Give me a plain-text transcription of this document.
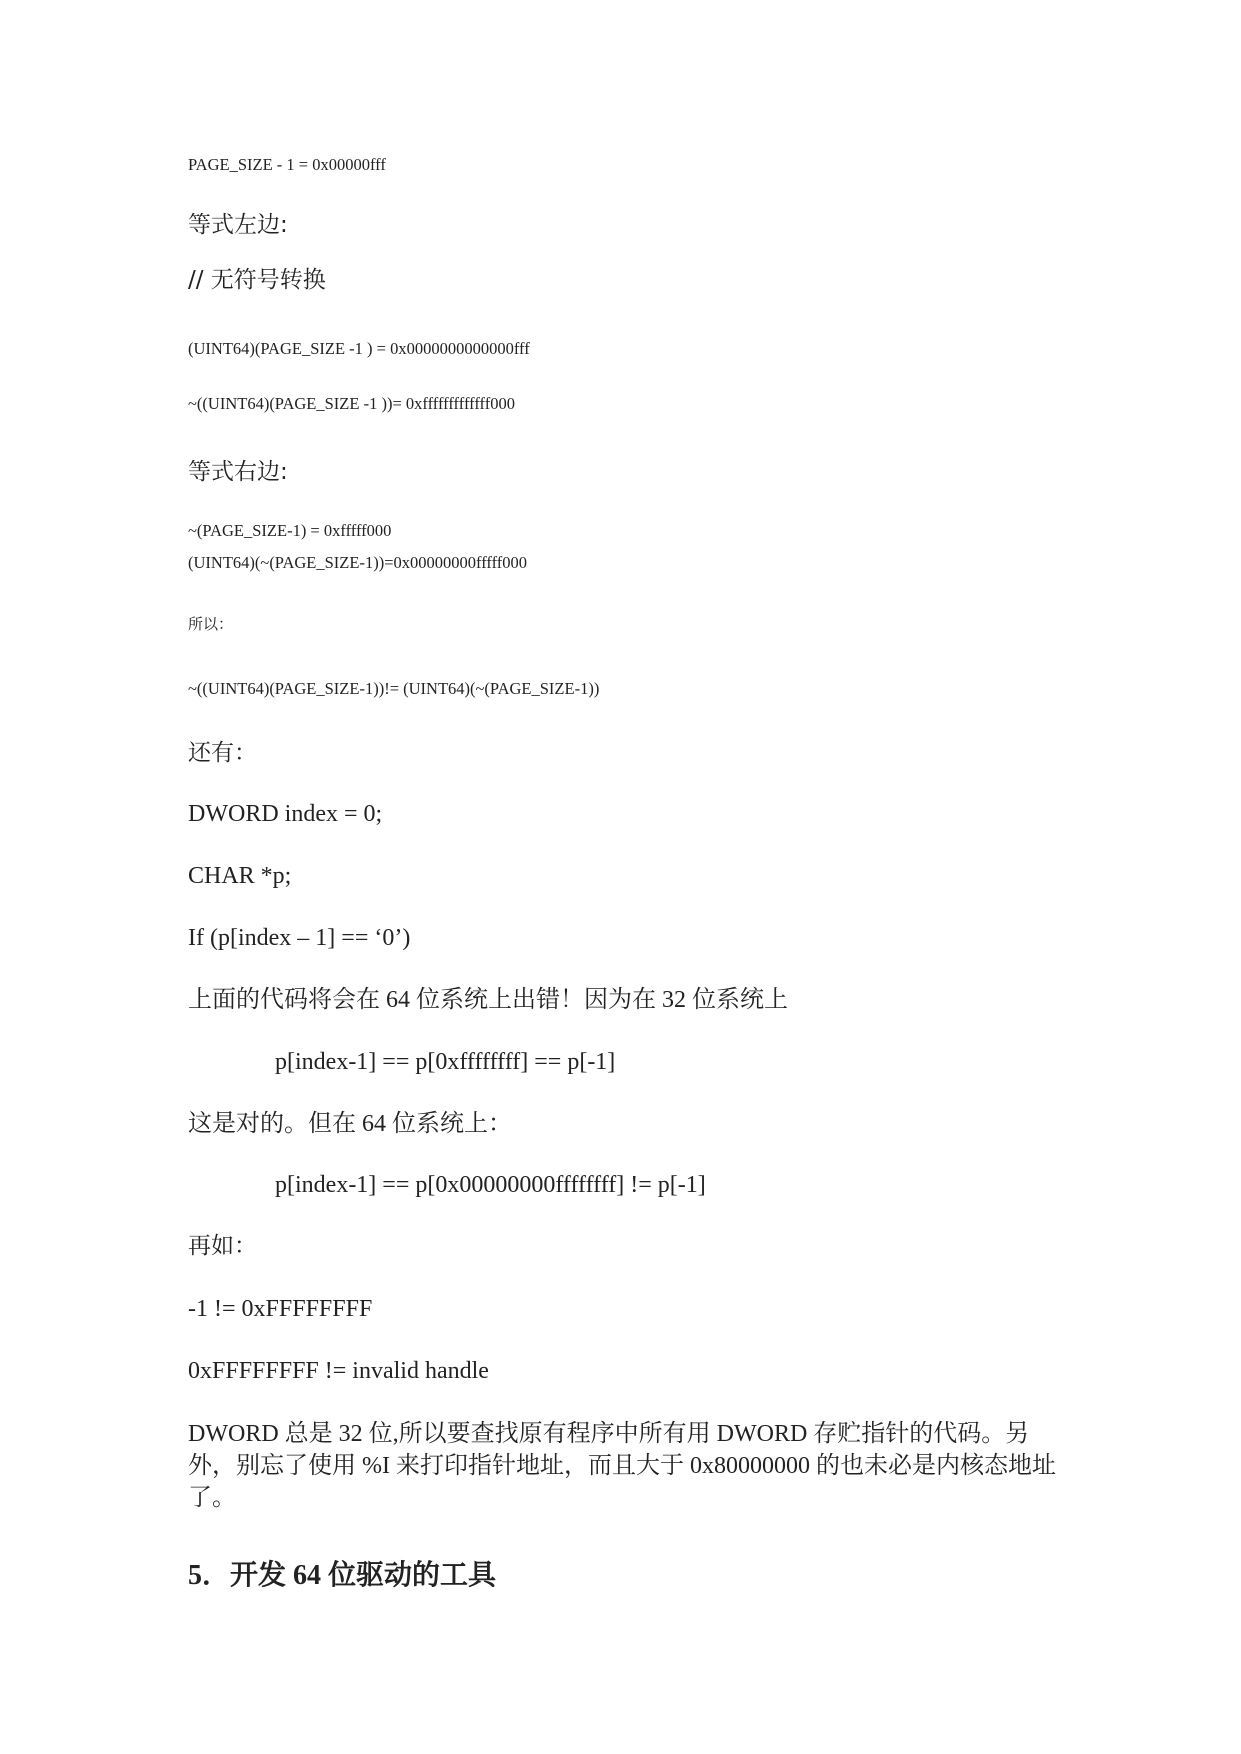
PAGE_SIZE - 1 = 0x00000fff
等式左边:
// 无符号转换
(UINT64)(PAGE_SIZE -1 ) = 0x0000000000000fff
~((UINT64)(PAGE_SIZE -1 ))= 0xfffffffffffff000
等式右边:
~(PAGE_SIZE-1) = 0xfffff000
(UINT64)(~(PAGE_SIZE-1))=0x00000000fffff000
所以：
~((UINT64)(PAGE_SIZE-1))!= (UINT64)(~(PAGE_SIZE-1))
还有：
DWORD index = 0;
CHAR *p;
If (p[index – 1] == ‘0’)
上面的代码将会在 64 位系统上出错！因为在 32 位系统上
p[index-1] == p[0xffffffff] == p[-1]
这是对的。但在 64 位系统上：
p[index-1] == p[0x00000000ffffffff] != p[-1]
再如：
-1 != 0xFFFFFFFF
0xFFFFFFFF != invalid handle
DWORD 总是 32 位,所以要查找原有程序中所有用 DWORD 存贮指针的代码。另外，别忘了使用 %I 来打印指针地址，而且大于 0x80000000 的也未必是内核态地址了。
5．开发 64 位驱动的工具
